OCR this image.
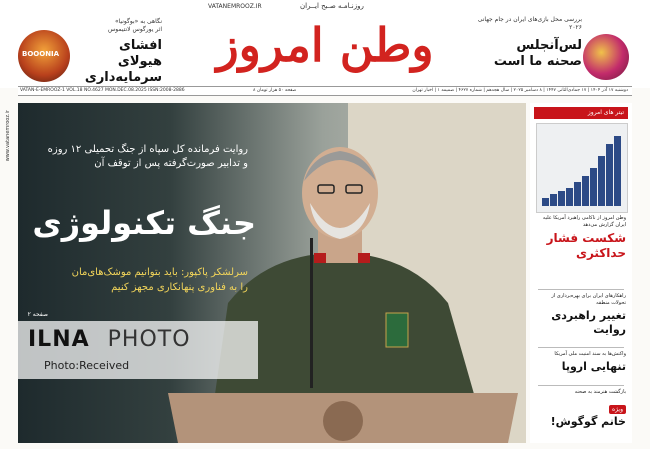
VATANEMROOZ.IR	روزنـامـه صـبح ایــران
وطن امروز	بررسی محل بازی‌های ایران در جام جهانی ۲۰۲۶
لس‌آنجلس
صحنه ما است
BOOONIA
نگاهی به «بوگونیا»
اثر یورگوس لانتیموس
افشای هیولای
سرمایه‌داری
VATAN-E-EMROOZ-1 VOL.18 NO.4627 MON.DEC.08.2025 ISSN:2008-2886	۸ صفحه ۵۰ هزار تومان	دوشنبه ۱۷ آذر ۱۴۰۴ | ۱۷ جمادی‌الثانی ۱۴۴۷ | ۸ دسامبر ۲۰۲۵ | سال هجدهم | شماره ۴۶۲۷ | ضمیمه ۱ | اخبار تهران
www.vatanemrooz.ir	روایت فرمانده کل سپاه از جنگ تحمیلی ۱۲ روزه
و تدابیر صورت‌گرفته پس از توقف آن
جنگ تکنولوژی
سرلشکر پاکپور: باید بتوانیم موشک‌های‌مان
را به فناوری پنهانکاری مجهز کنیم
صفحه ۲
ILNA PHOTO
Photo:Received
تیتر های امروز
وطن امروز از ناکامی راهبرد آمریکا علیه
ایران گزارش می‌دهد
شکست فشار
حداکثری
راهکارهای ایران برای بهره‌برداری از تحولات منطقه
تغییر راهبردی
روایت
واکنش‌ها به سند امنیت ملی آمریکا
تنهایی اروپا
بازگشت هنرمند به صحنه
ویژه
خانم گوگوش!
